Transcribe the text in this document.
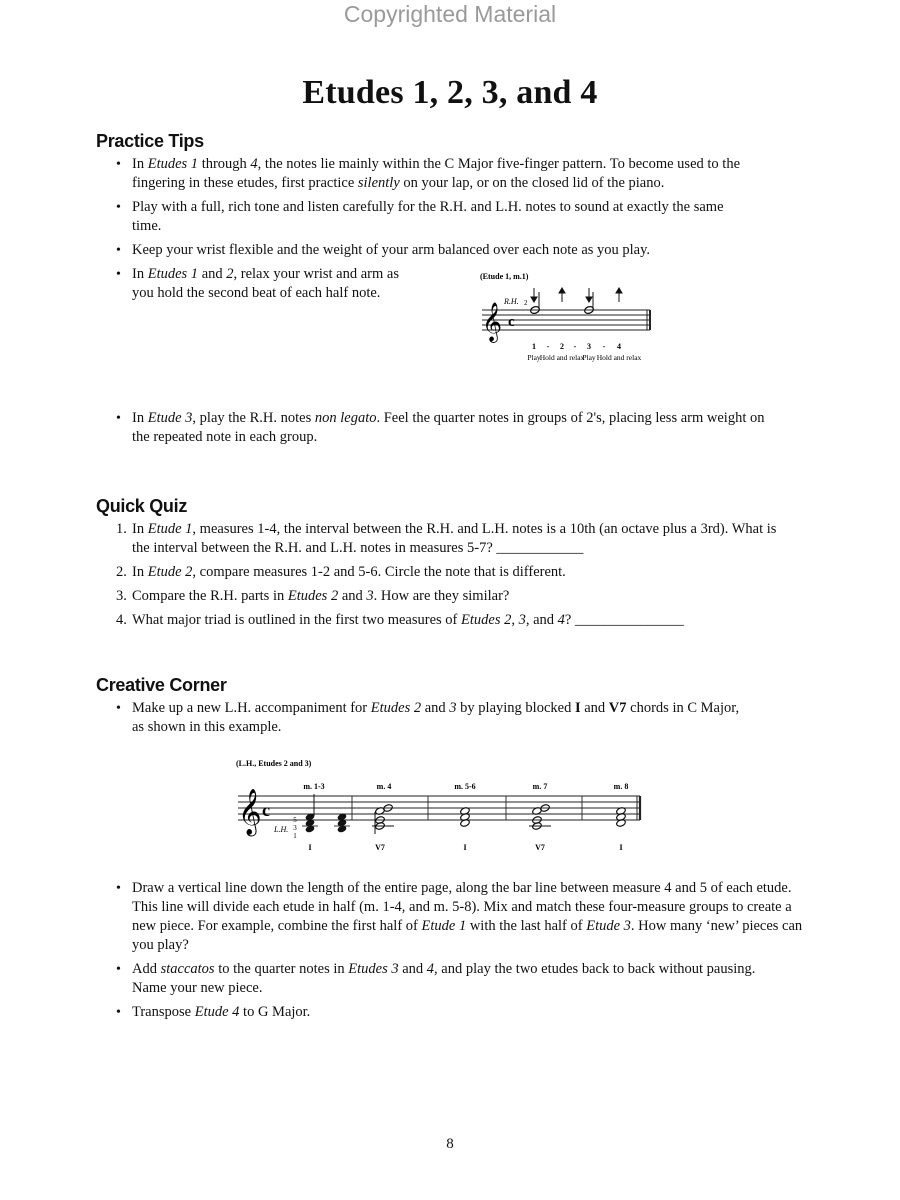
Copyrighted Material
Etudes 1, 2, 3, and 4
Practice Tips
• In Etudes 1 through 4, the notes lie mainly within the C Major five-finger pattern. To become used to the fingering in these etudes, first practice silently on your lap, or on the closed lid of the piano.
• Play with a full, rich tone and listen carefully for the R.H. and L.H. notes to sound at exactly the same time.
• Keep your wrist flexible and the weight of your arm balanced over each note as you play.
• In Etudes 1 and 2, relax your wrist and arm as you hold the second beat of each half note.
(Etude 1, m.1)
R.H. 2
𝄞 c
1 - 2 - 3 - 4
Play Hold and relax
Play Hold and relax
• In Etude 3, play the R.H. notes non legato. Feel the quarter notes in groups of 2's, placing less arm weight on the repeated note in each group.
Quick Quiz
1. In Etude 1, measures 1-4, the interval between the R.H. and L.H. notes is a 10th (an octave plus a 3rd). What is the interval between the R.H. and L.H. notes in measures 5-7? ____________
2. In Etude 2, compare measures 1-2 and 5-6. Circle the note that is different.
3. Compare the R.H. parts in Etudes 2 and 3. How are they similar?
4. What major triad is outlined in the first two measures of Etudes 2, 3, and 4? _______________
Creative Corner
• Make up a new L.H. accompaniment for Etudes 2 and 3 by playing blocked I and V7 chords in C Major, as shown in this example.
(L.H., Etudes 2 and 3)
m. 1-3	m. 4	m. 5-6	m. 7	m. 8
𝄞 c
L.H.
5
3
1
I	V7	I	V7	I
• Draw a vertical line down the length of the entire page, along the bar line between measure 4 and 5 of each etude. This line will divide each etude in half (m. 1-4, and m. 5-8). Mix and match these four-measure groups to create a new piece. For example, combine the first half of Etude 1 with the last half of Etude 3. How many ‘new’ pieces can you play?
• Add staccatos to the quarter notes in Etudes 3 and 4, and play the two etudes back to back without pausing. Name your new piece.
• Transpose Etude 4 to G Major.
8
